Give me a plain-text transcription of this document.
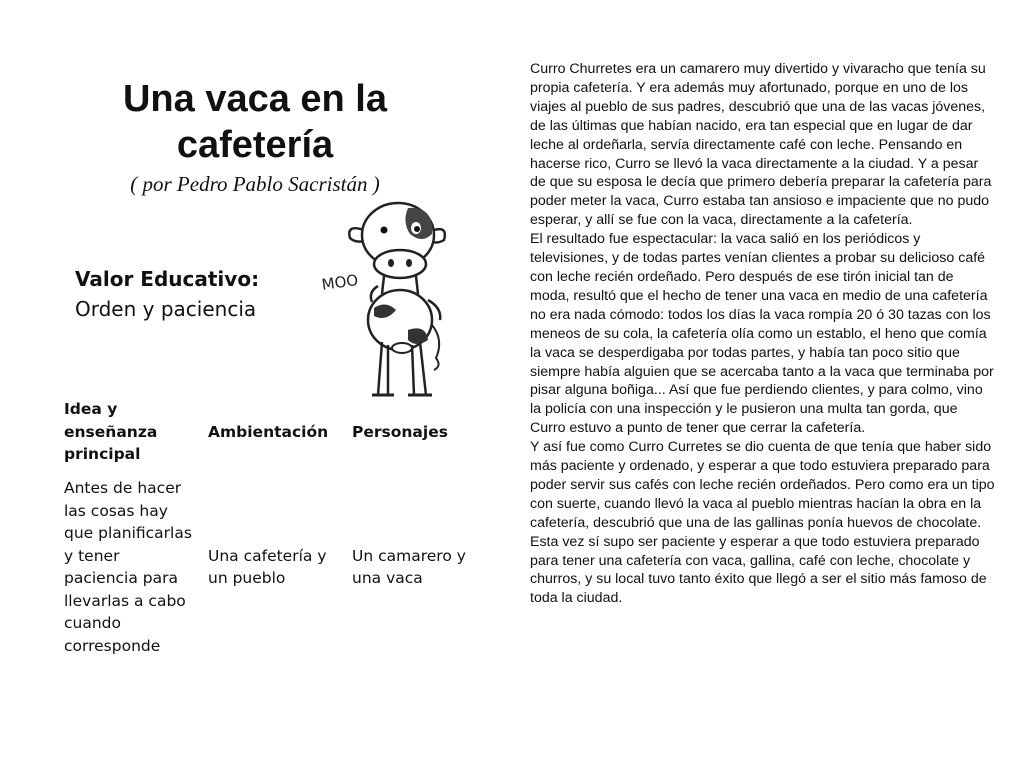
Una vaca en la cafetería
( por Pedro Pablo Sacristán )
Valor Educativo:
Orden y paciencia
MOO
Idea y enseñanza principal
Ambientación	Personajes
Antes de hacer las cosas hay que planificarlas y tener paciencia para llevarlas a cabo cuando corresponde
Una cafetería y un pueblo
Un camarero y una vaca

Curro Churretes era un camarero muy divertido y vivaracho que tenía su propia cafetería. Y era además muy afortunado, porque en uno de los viajes al pueblo de sus padres, descubrió que una de las vacas jóvenes, de las últimas que habían nacido, era tan especial que en lugar de dar leche al ordeñarla, servía directamente café con leche. Pensando en hacerse rico, Curro se llevó la vaca directamente a la ciudad. Y a pesar de que su esposa le decía que primero debería preparar la cafetería para poder meter la vaca, Curro estaba tan ansioso e impaciente que no pudo esperar, y allí se fue con la vaca, directamente a la cafetería.

El resultado fue espectacular: la vaca salió en los periódicos y televisiones, y de todas partes venían clientes a probar su delicioso café con leche recién ordeñado. Pero después de ese tirón inicial tan de moda, resultó que el hecho de tener una vaca en medio de una cafetería no era nada cómodo: todos los días la vaca rompía 20 ó 30 tazas con los meneos de su cola, la cafetería olía como un establo, el heno que comía la vaca se desperdigaba por todas partes, y había tan poco sitio que siempre había alguien que se acercaba tanto a la vaca que terminaba por pisar alguna boñiga... Así que fue perdiendo clientes, y para colmo, vino la policía con una inspección y le pusieron una multa tan gorda, que Curro estuvo a punto de tener que cerrar la cafetería.

Y así fue como Curro Curretes se dio cuenta de que tenía que haber sido más paciente y ordenado, y esperar a que todo estuviera preparado para poder servir sus cafés con leche recién ordeñados. Pero como era un tipo con suerte, cuando llevó la vaca al pueblo mientras hacían la obra en la cafetería, descubrió que una de las gallinas ponía huevos de chocolate. Esta vez sí supo ser paciente y esperar a que todo estuviera preparado para tener una cafetería con vaca, gallina, café con leche, chocolate y churros, y su local tuvo tanto éxito que llegó a ser el sitio más famoso de toda la ciudad.
